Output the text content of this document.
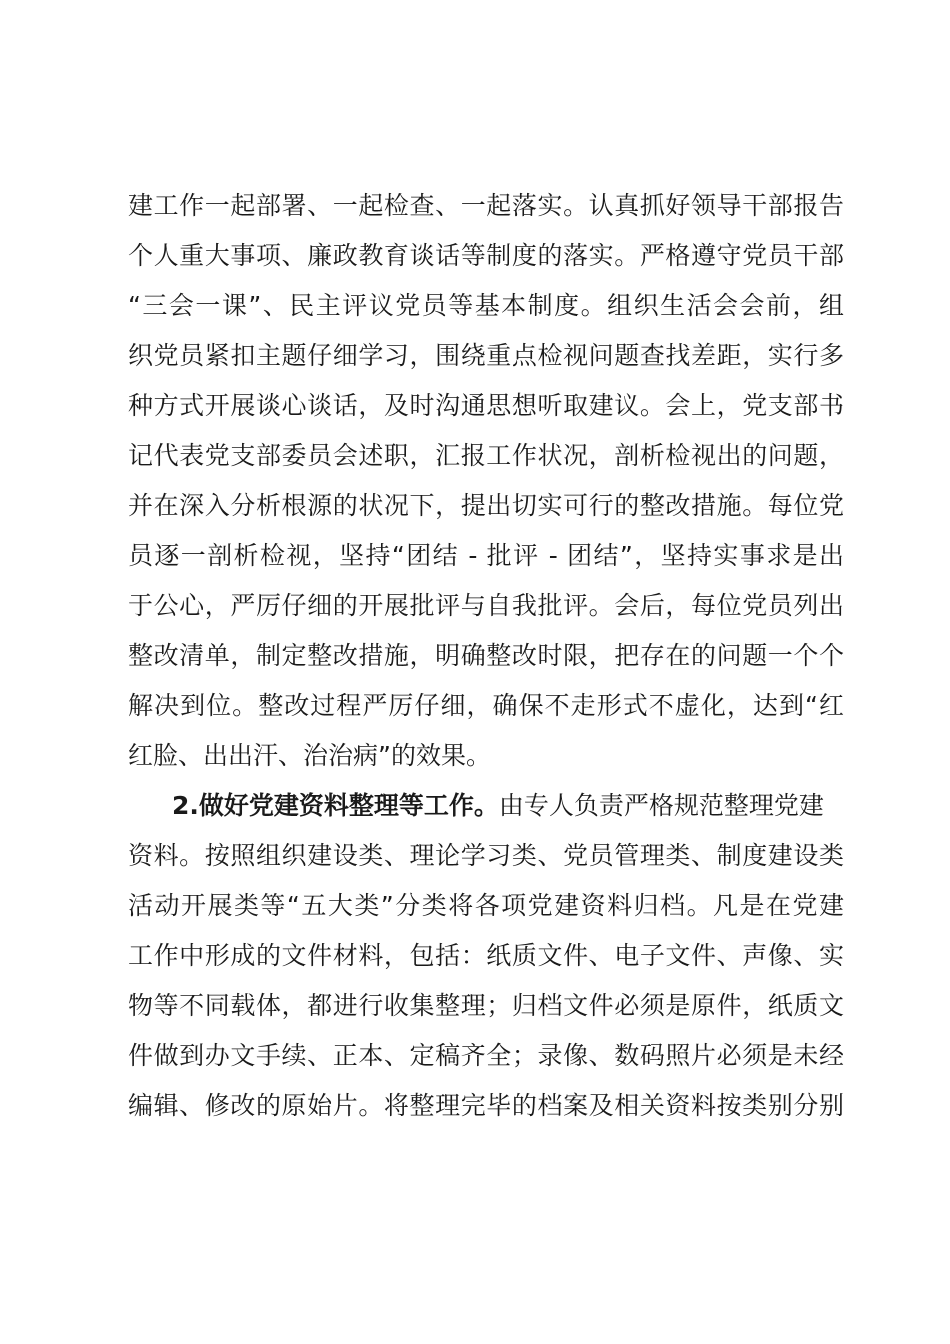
建工作一起部署、一起检查、一起落实。认真抓好领导干部报告
个人重大事项、廉政教育谈话等制度的落实。严格遵守党员干部
“三会一课”、民主评议党员等基本制度。组织生活会会前，组
织党员紧扣主题仔细学习，围绕重点检视问题查找差距，实行多
种方式开展谈心谈话，及时沟通思想听取建议。会上，党支部书
记代表党支部委员会述职，汇报工作状况，剖析检视出的问题，
并在深入分析根源的状况下，提出切实可行的整改措施。每位党
员逐一剖析检视，坚持“团结 - 批评 - 团结”，坚持实事求是出
于公心，严厉仔细的开展批评与自我批评。会后，每位党员列出
整改清单，制定整改措施，明确整改时限，把存在的问题一个个
解决到位。整改过程严厉仔细，确保不走形式不虚化，达到“红
红脸、出出汗、治治病”的效果。
2.做好党建资料整理等工作。由专人负责严格规范整理党建
资料。按照组织建设类、理论学习类、党员管理类、制度建设类
活动开展类等“五大类”分类将各项党建资料归档。凡是在党建
工作中形成的文件材料，包括：纸质文件、电子文件、声像、实
物等不同载体，都进行收集整理；归档文件必须是原件，纸质文
件做到办文手续、正本、定稿齐全；录像、数码照片必须是未经
编辑、修改的原始片。将整理完毕的档案及相关资料按类别分别
